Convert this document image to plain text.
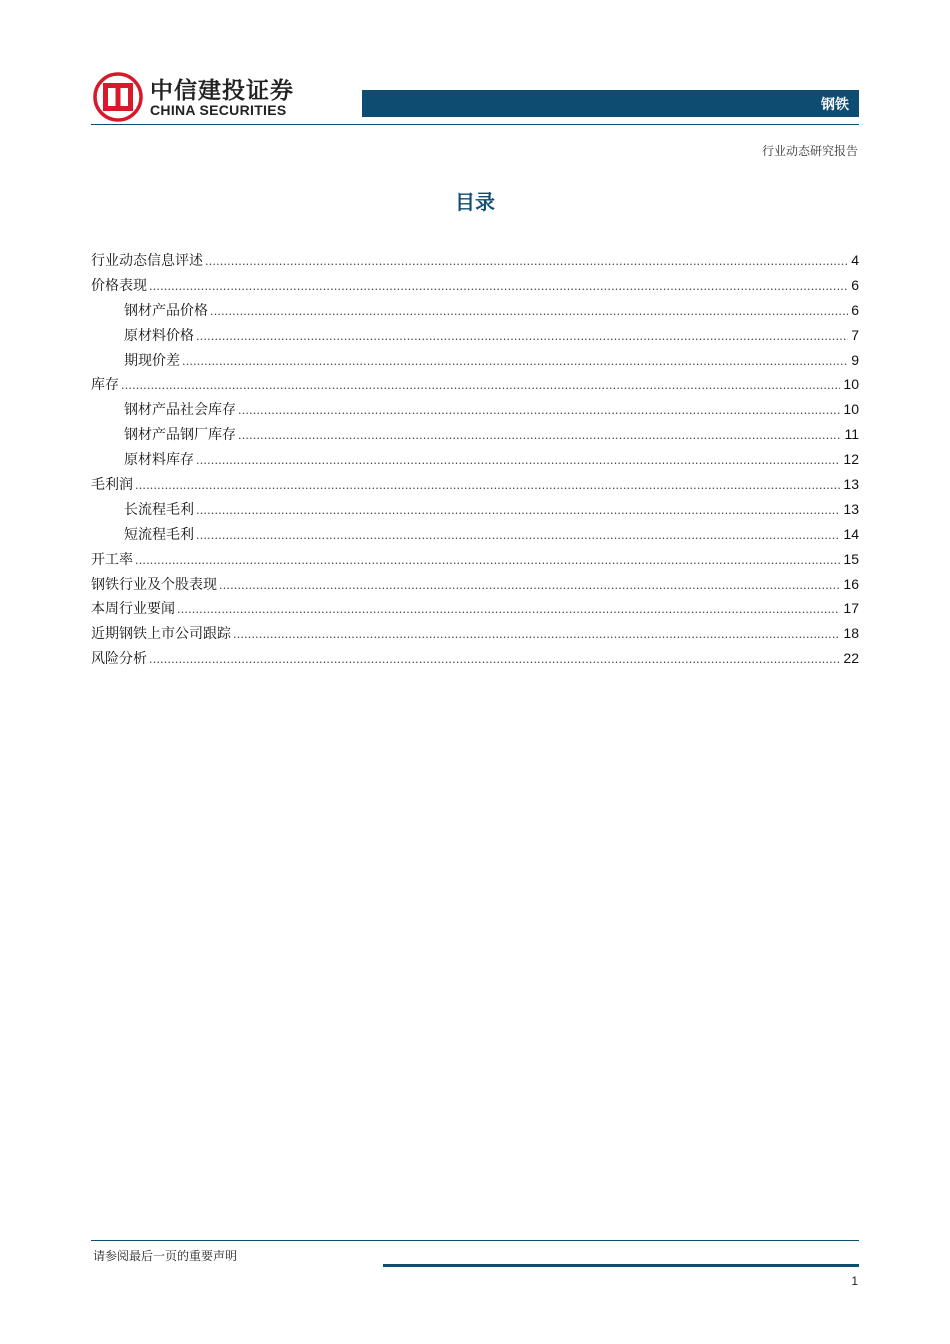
中信建投证券
CHINA SECURITIES	钢铁
行业动态研究报告
目录
行业动态信息评述 .....	4
价格表现 .....	6
钢材产品价格 .....	6
原材料价格 .....	7
期现价差 .....	9
库存 .....	10
钢材产品社会库存 .....	10
钢材产品钢厂库存 .....	11
原材料库存 .....	12
毛利润 .....	13
长流程毛利 .....	13
短流程毛利 .....	14
开工率 .....	15
钢铁行业及个股表现 .....	16
本周行业要闻 .....	17
近期钢铁上市公司跟踪 .....	18
风险分析 .....	22
请参阅最后一页的重要声明
1
